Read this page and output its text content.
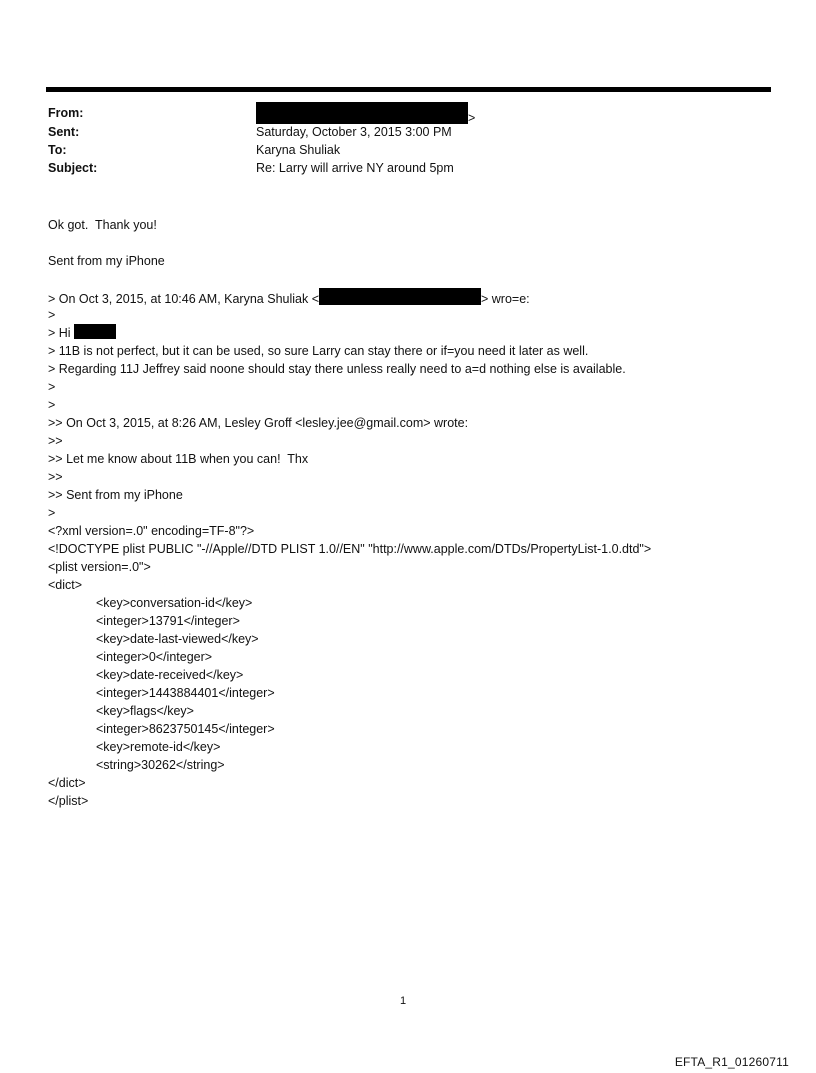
From:	>
Sent:	Saturday, October 3, 2015 3:00 PM
To:	Karyna Shuliak
Subject:	Re: Larry will arrive NY around 5pm
Ok got.  Thank you!
Sent from my iPhone
> On Oct 3, 2015, at 10:46 AM, Karyna Shuliak <	> wro=e:
>
> Hi
> 11B is not perfect, but it can be used, so sure Larry can stay there or if=you need it later as well.
> Regarding 11J Jeffrey said noone should stay there unless really need to a=d nothing else is available.
>
>
>> On Oct 3, 2015, at 8:26 AM, Lesley Groff <lesley.jee@gmail.com> wrote:
>>
>> Let me know about 11B when you can!  Thx
>>
>> Sent from my iPhone
>
<?xml version=.0" encoding=TF-8"?>
<!DOCTYPE plist PUBLIC "-//Apple//DTD PLIST 1.0//EN" "http://www.apple.com/DTDs/PropertyList-1.0.dtd">
<plist version=.0">
<dict>
<key>conversation-id</key>
<integer>13791</integer>
<key>date-last-viewed</key>
<integer>0</integer>
<key>date-received</key>
<integer>1443884401</integer>
<key>flags</key>
<integer>8623750145</integer>
<key>remote-id</key>
<string>30262</string>
</dict>
</plist>
1
EFTA_R1_01260711
